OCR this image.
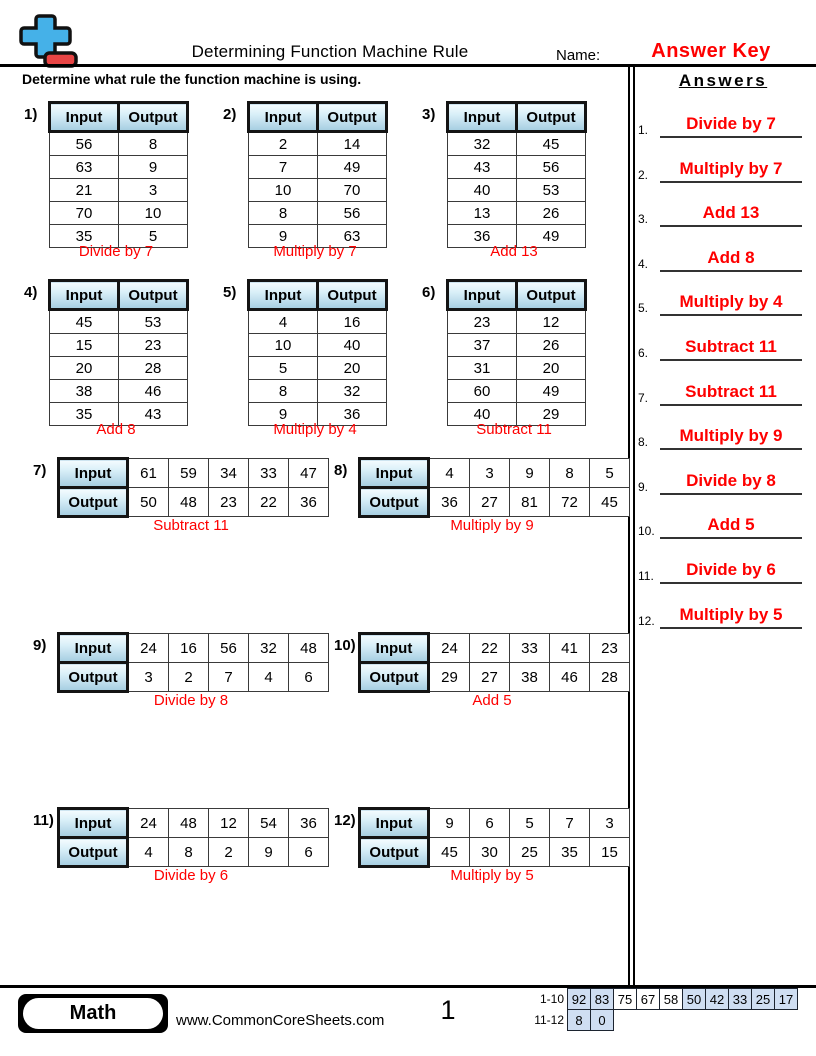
Determining Function Machine Rule	Name:	Answer Key
Determine what rule the function machine is using.
1) Input	Output
56	8
63	9
21	3
70	10
35	5
Divide by 7
2) Input	Output
2	14
7	49
10	70
8	56
9	63
Multiply by 7
3) Input	Output
32	45
43	56
40	53
13	26
36	49
Add 13
4) Input	Output
45	53
15	23
20	28
38	46
35	43
Add 8
5) Input	Output
4	16
10	40
5	20
8	32
9	36
Multiply by 4
6) Input	Output
23	12
37	26
31	20
60	49
40	29
Subtract 11
7) Input	61	59	34	33	47
Output	50	48	23	22	36
Subtract 11
8) Input	4	3	9	8	5
Output	36	27	81	72	45
Multiply by 9
9) Input	24	16	56	32	48
Output	3	2	7	4	6
Divide by 8
10) Input	24	22	33	41	23
Output	29	27	38	46	28
Add 5
11) Input	24	48	12	54	36
Output	4	8	2	9	6
Divide by 6
12) Input	9	6	5	7	3
Output	45	30	25	35	15
Multiply by 5
Answers
1.	Divide by 7
2.	Multiply by 7
3.	Add 13
4.	Add 8
5.	Multiply by 4
6.	Subtract 11
7.	Subtract 11
8.	Multiply by 9
9.	Divide by 8
10.	Add 5
11.	Divide by 6
12.	Multiply by 5
Math	www.CommonCoreSheets.com	1	1-10 92 83 75 67 58 50 42 33 25 17
11-12 8	0
